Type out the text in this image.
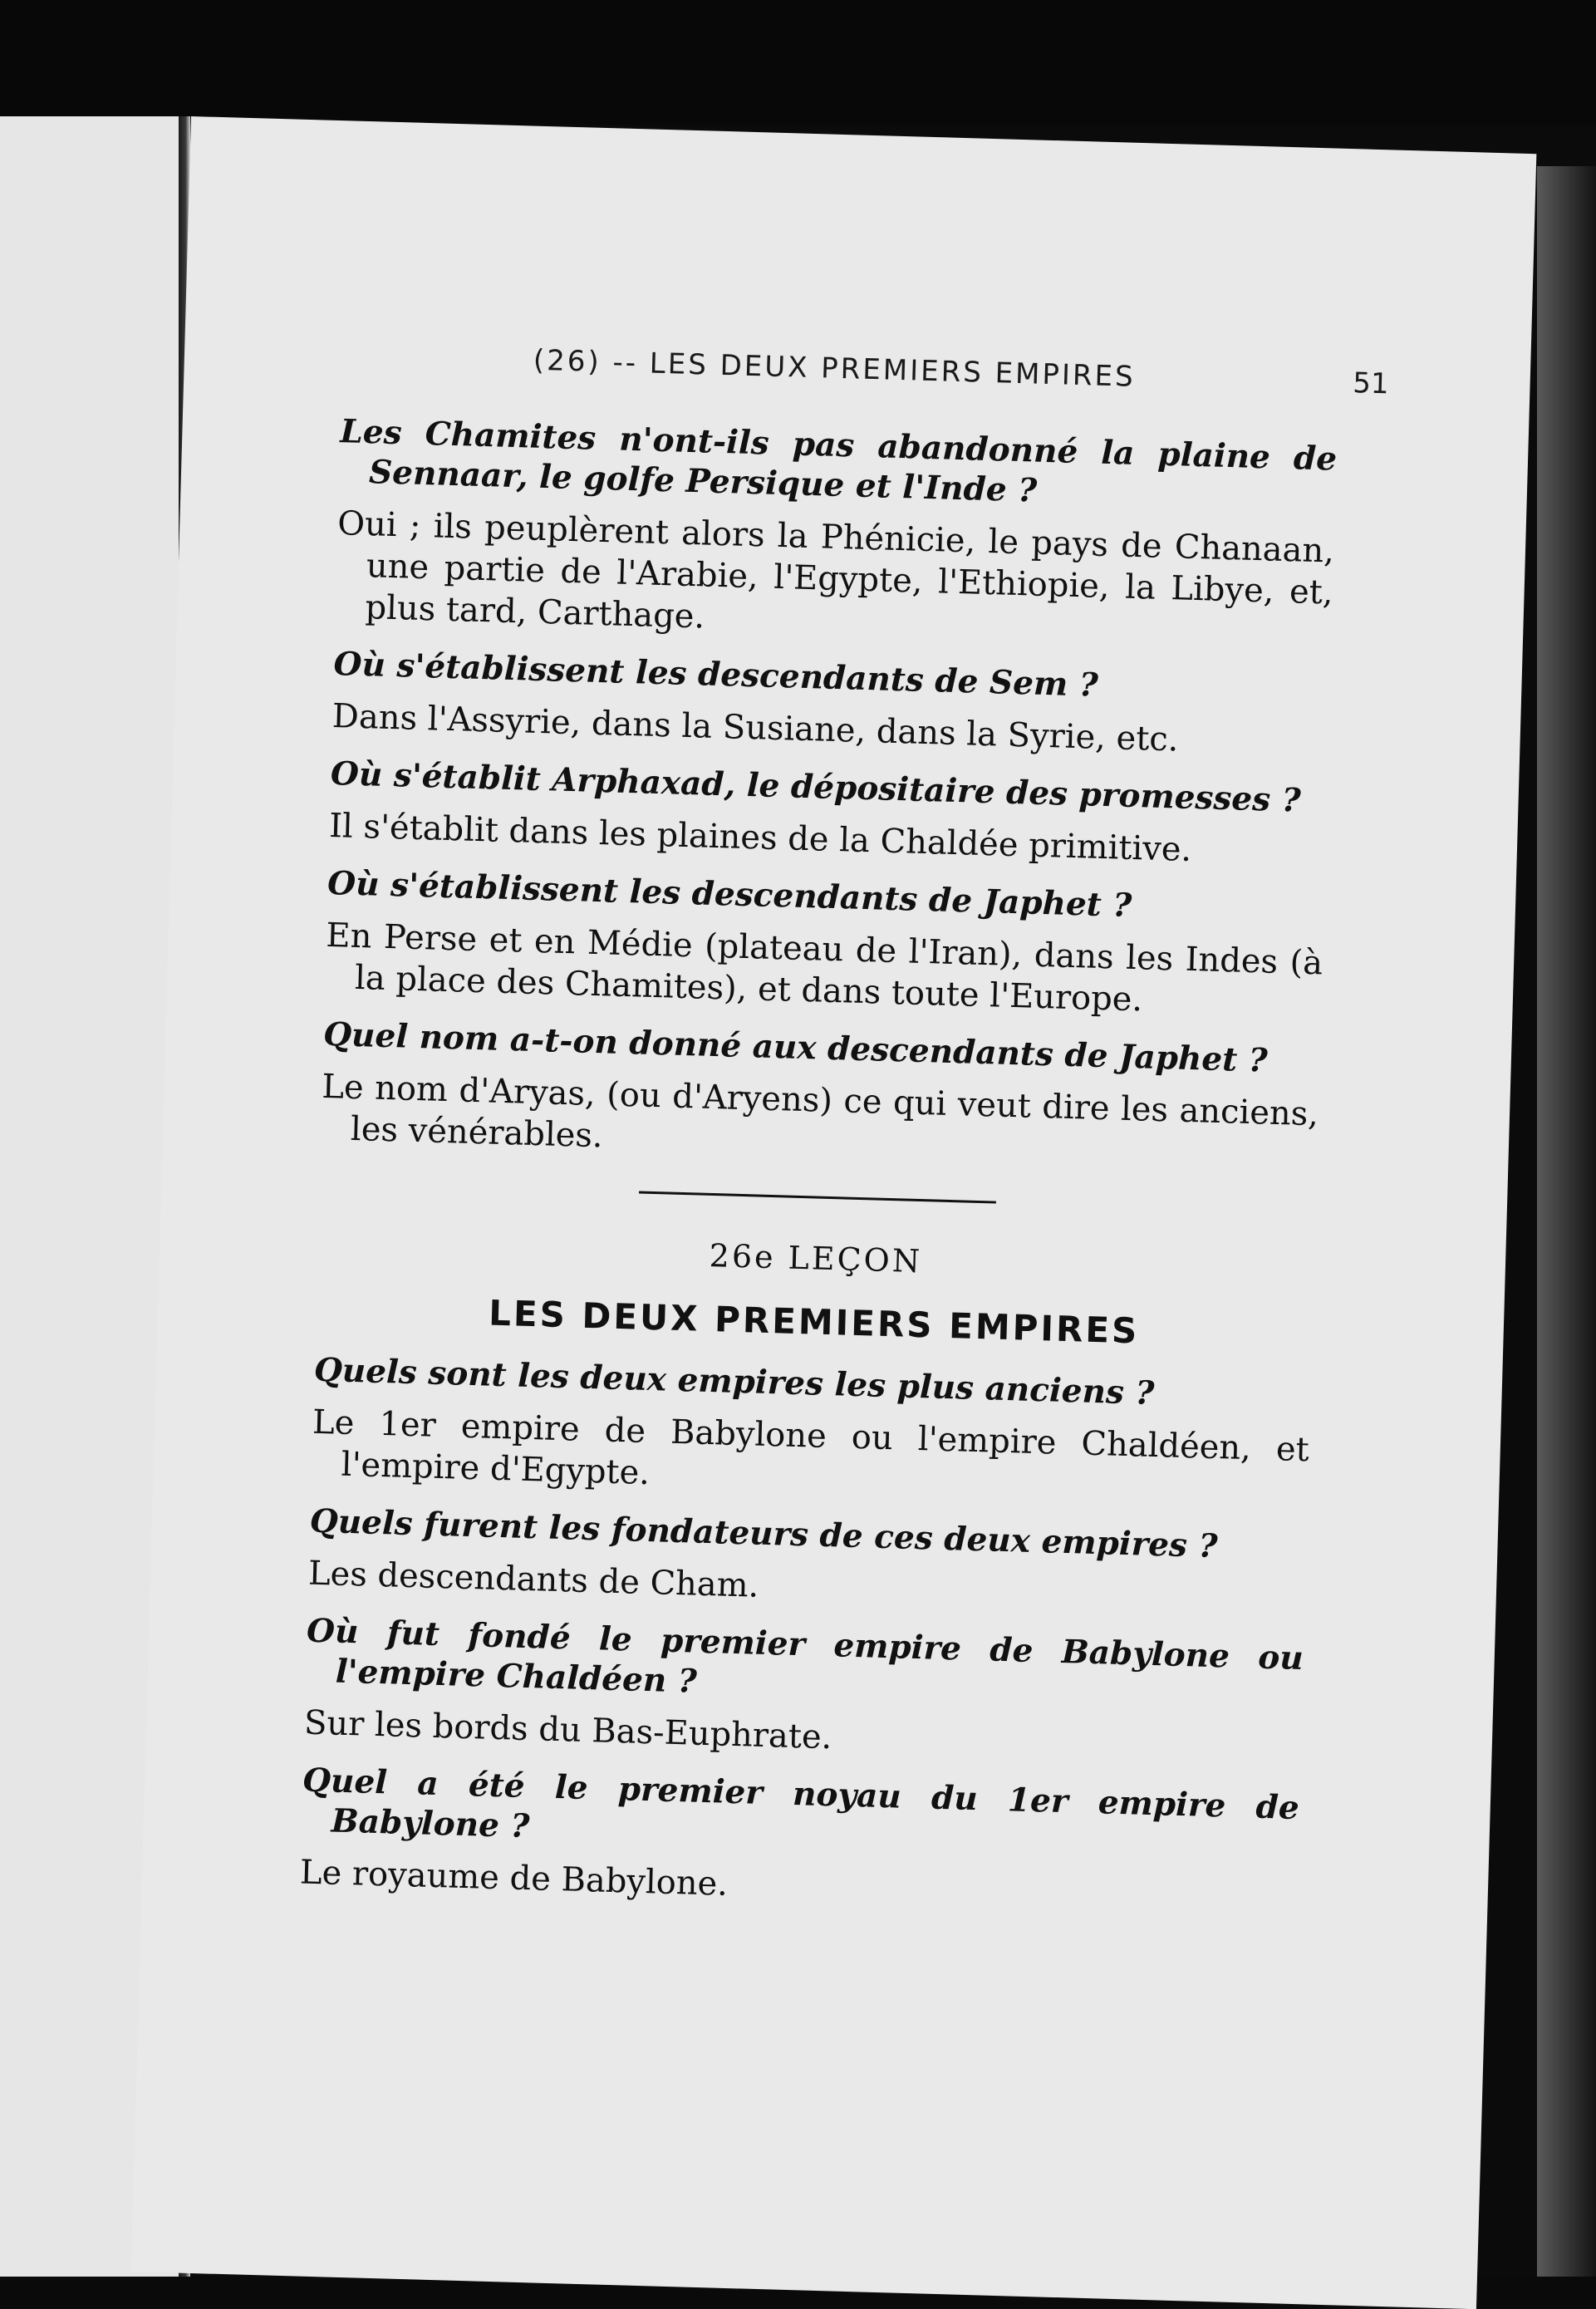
(26) -- LES DEUX PREMIERS EMPIRES	51

Les Chamites n'ont-ils pas abandonné la plaine de Sennaar, le golfe Persique et l'Inde ?

Oui ; ils peuplèrent alors la Phénicie, le pays de Chanaan, une partie de l'Arabie, l'Egypte, l'Ethiopie, la Libye, et, plus tard, Carthage.

Où s'établissent les descendants de Sem ?

Dans l'Assyrie, dans la Susiane, dans la Syrie, etc.

Où s'établit Arphaxad, le dépositaire des promesses ?

Il s'établit dans les plaines de la Chaldée primitive.

Où s'établissent les descendants de Japhet ?

En Perse et en Médie (plateau de l'Iran), dans les Indes (à la place des Chamites), et dans toute l'Europe.

Quel nom a-t-on donné aux descendants de Japhet ?

Le nom d'Aryas, (ou d'Aryens) ce qui veut dire les anciens, les vénérables.

26e LEÇON
LES DEUX PREMIERS EMPIRES

Quels sont les deux empires les plus anciens ?

Le 1er empire de Babylone ou l'empire Chaldéen, et l'empire d'Egypte.

Quels furent les fondateurs de ces deux empires ?

Les descendants de Cham.

Où fut fondé le premier empire de Babylone ou l'empire Chaldéen ?

Sur les bords du Bas-Euphrate.

Quel a été le premier noyau du 1er empire de Babylone ?

Le royaume de Babylone.
